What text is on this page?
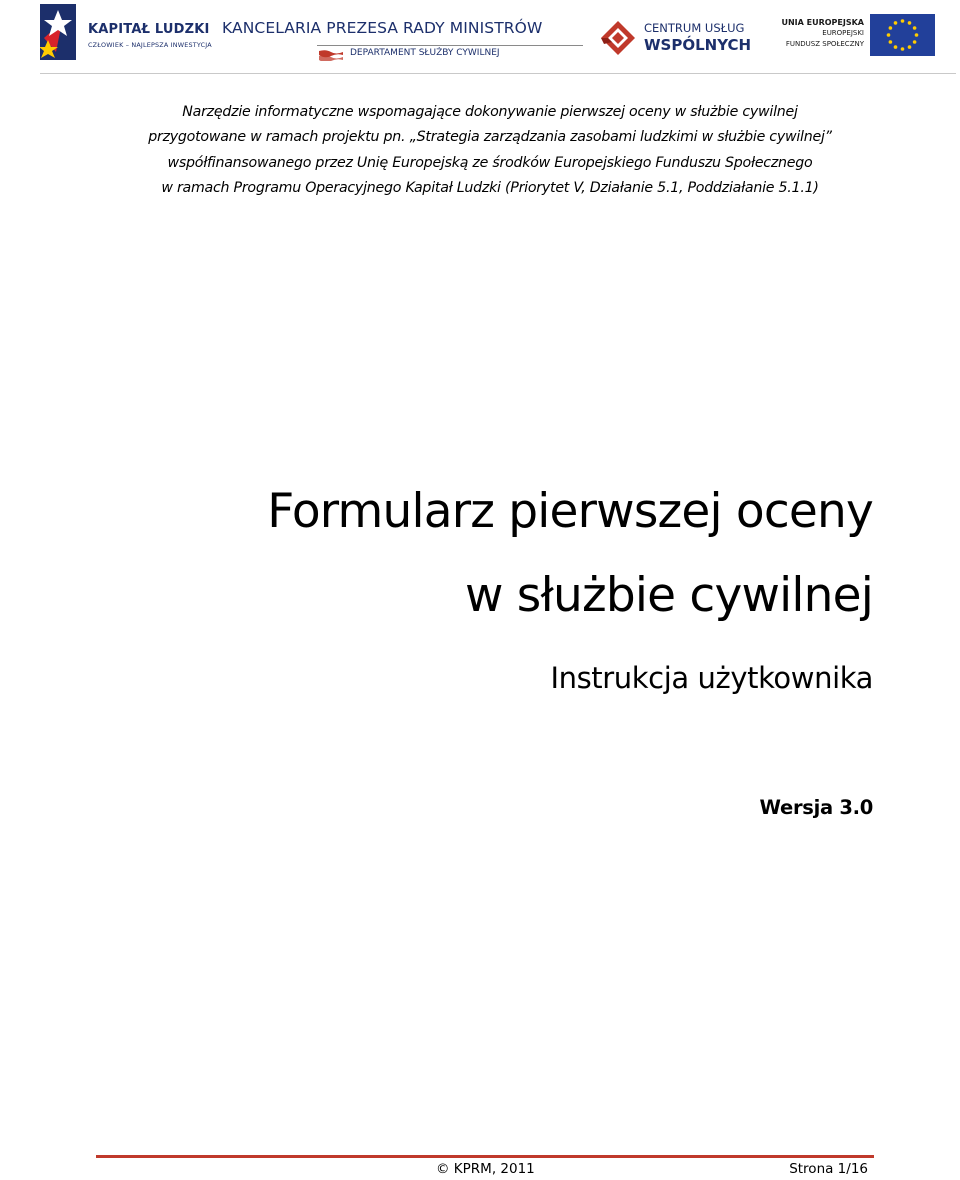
KAPITAŁ LUDZKI
CZŁOWIEK – NAJLEPSZA INWESTYCJA
KANCELARIA PREZESA RADY MINISTRÓW
DEPARTAMENT SŁUŻBY CYWILNEJ
CENTRUM USŁUG
WSPÓLNYCH
UNIA EUROPEJSKA
EUROPEJSKI
FUNDUSZ SPOŁECZNY
Narzędzie informatyczne wspomagające dokonywanie pierwszej oceny w służbie cywilnej
przygotowane w ramach projektu pn. „Strategia zarządzania zasobami ludzkimi w służbie cywilnej”
współfinansowanego przez Unię Europejską ze środków Europejskiego Funduszu Społecznego
w ramach Programu Operacyjnego Kapitał Ludzki (Priorytet V, Działanie 5.1, Poddziałanie 5.1.1)
Formularz pierwszej oceny
w służbie cywilnej
Instrukcja użytkownika
Wersja 3.0
© KPRM, 2011	Strona 1/16
